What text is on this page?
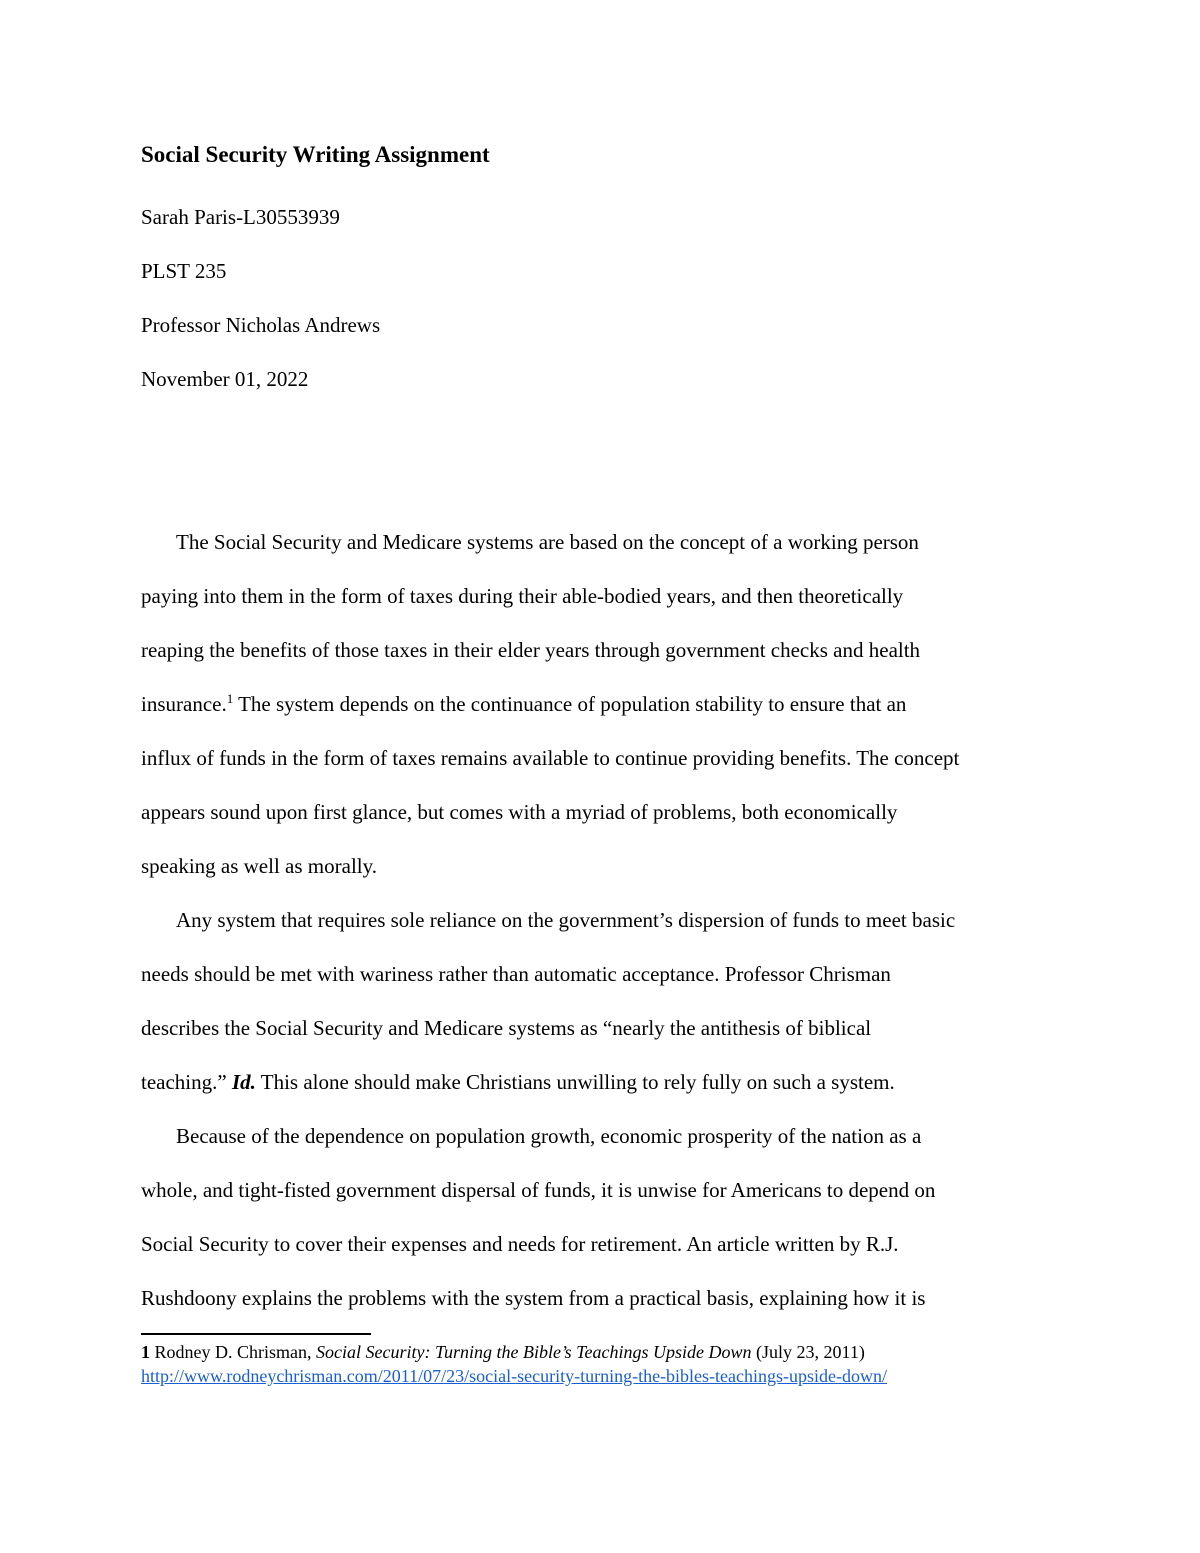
Social Security Writing Assignment

Sarah Paris-L30553939

PLST 235

Professor Nicholas Andrews

November 01, 2022

The Social Security and Medicare systems are based on the concept of a working person

paying into them in the form of taxes during their able-bodied years, and then theoretically

reaping the benefits of those taxes in their elder years through government checks and health

insurance.$^1$ The system depends on the continuance of population stability to ensure that an

influx of funds in the form of taxes remains available to continue providing benefits. The concept

appears sound upon first glance, but comes with a myriad of problems, both economically

speaking as well as morally.

Any system that requires sole reliance on the government’s dispersion of funds to meet basic

needs should be met with wariness rather than automatic acceptance. Professor Chrisman

describes the Social Security and Medicare systems as “nearly the antithesis of biblical

teaching.” Id. This alone should make Christians unwilling to rely fully on such a system.

Because of the dependence on population growth, economic prosperity of the nation as a

whole, and tight-fisted government dispersal of funds, it is unwise for Americans to depend on

Social Security to cover their expenses and needs for retirement. An article written by R.J.

Rushdoony explains the problems with the system from a practical basis, explaining how it is

1 Rodney D. Chrisman, Social Security: Turning the Bible’s Teachings Upside Down (July 23, 2011)

http://www.rodneychrisman.com/2011/07/23/social-security-turning-the-bibles-teachings-upside-down/
